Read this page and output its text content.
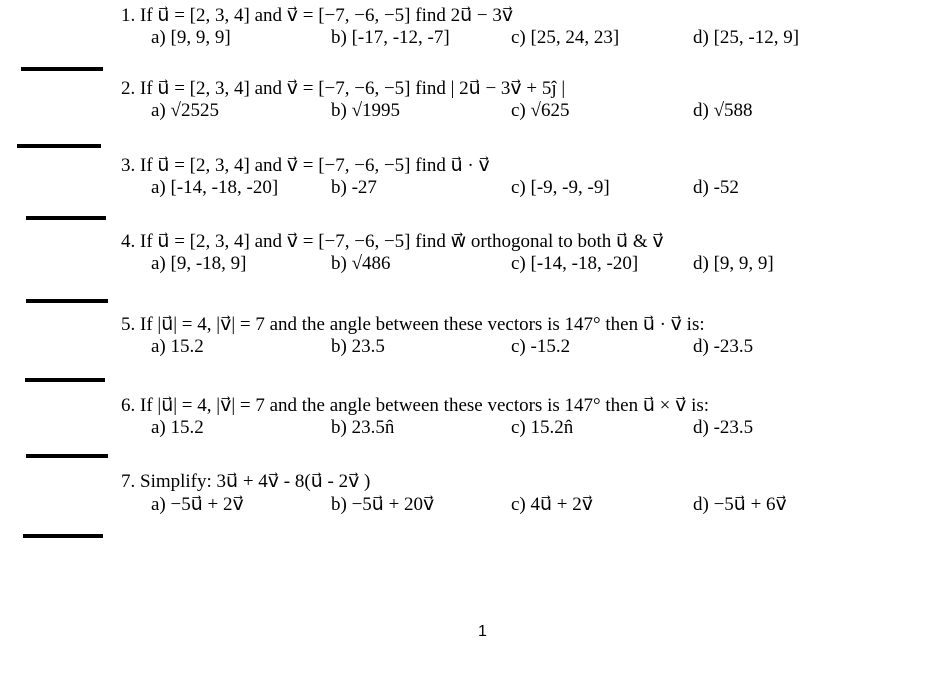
1. If u⃗ = [2, 3, 4] and v⃗ = [−7, −6, −5] find 2u⃗ − 3v⃗
a) [9, 9, 9]	b) [-17, -12, -7]	c) [25, 24, 23]	d) [25, -12, 9]
2. If u⃗ = [2, 3, 4] and v⃗ = [−7, −6, −5] find | 2u⃗ − 3v⃗ + 5ĵ |
a) √2525	b) √1995	c) √625	d) √588
3. If u⃗ = [2, 3, 4] and v⃗ = [−7, −6, −5] find u⃗ · v⃗
a) [-14, -18, -20]	b) -27	c) [-9, -9, -9]	d) -52
4. If u⃗ = [2, 3, 4] and v⃗ = [−7, −6, −5] find w⃗ orthogonal to both u⃗ & v⃗
a) [9, -18, 9]	b) √486	c) [-14, -18, -20]	d) [9, 9, 9]
5. If |u⃗| = 4, |v⃗| = 7 and the angle between these vectors is 147° then u⃗ · v⃗ is:
a) 15.2	b) 23.5	c) -15.2	d) -23.5
6. If |u⃗| = 4, |v⃗| = 7 and the angle between these vectors is 147° then u⃗ × v⃗ is:
a) 15.2	b) 23.5n̂	c) 15.2n̂	d) -23.5
7. Simplify: 3u⃗ + 4v⃗ - 8(u⃗ - 2v⃗ )
a) −5u⃗ + 2v⃗	b) −5u⃗ + 20v⃗	c) 4u⃗ + 2v⃗	d) −5u⃗ + 6v⃗
1
